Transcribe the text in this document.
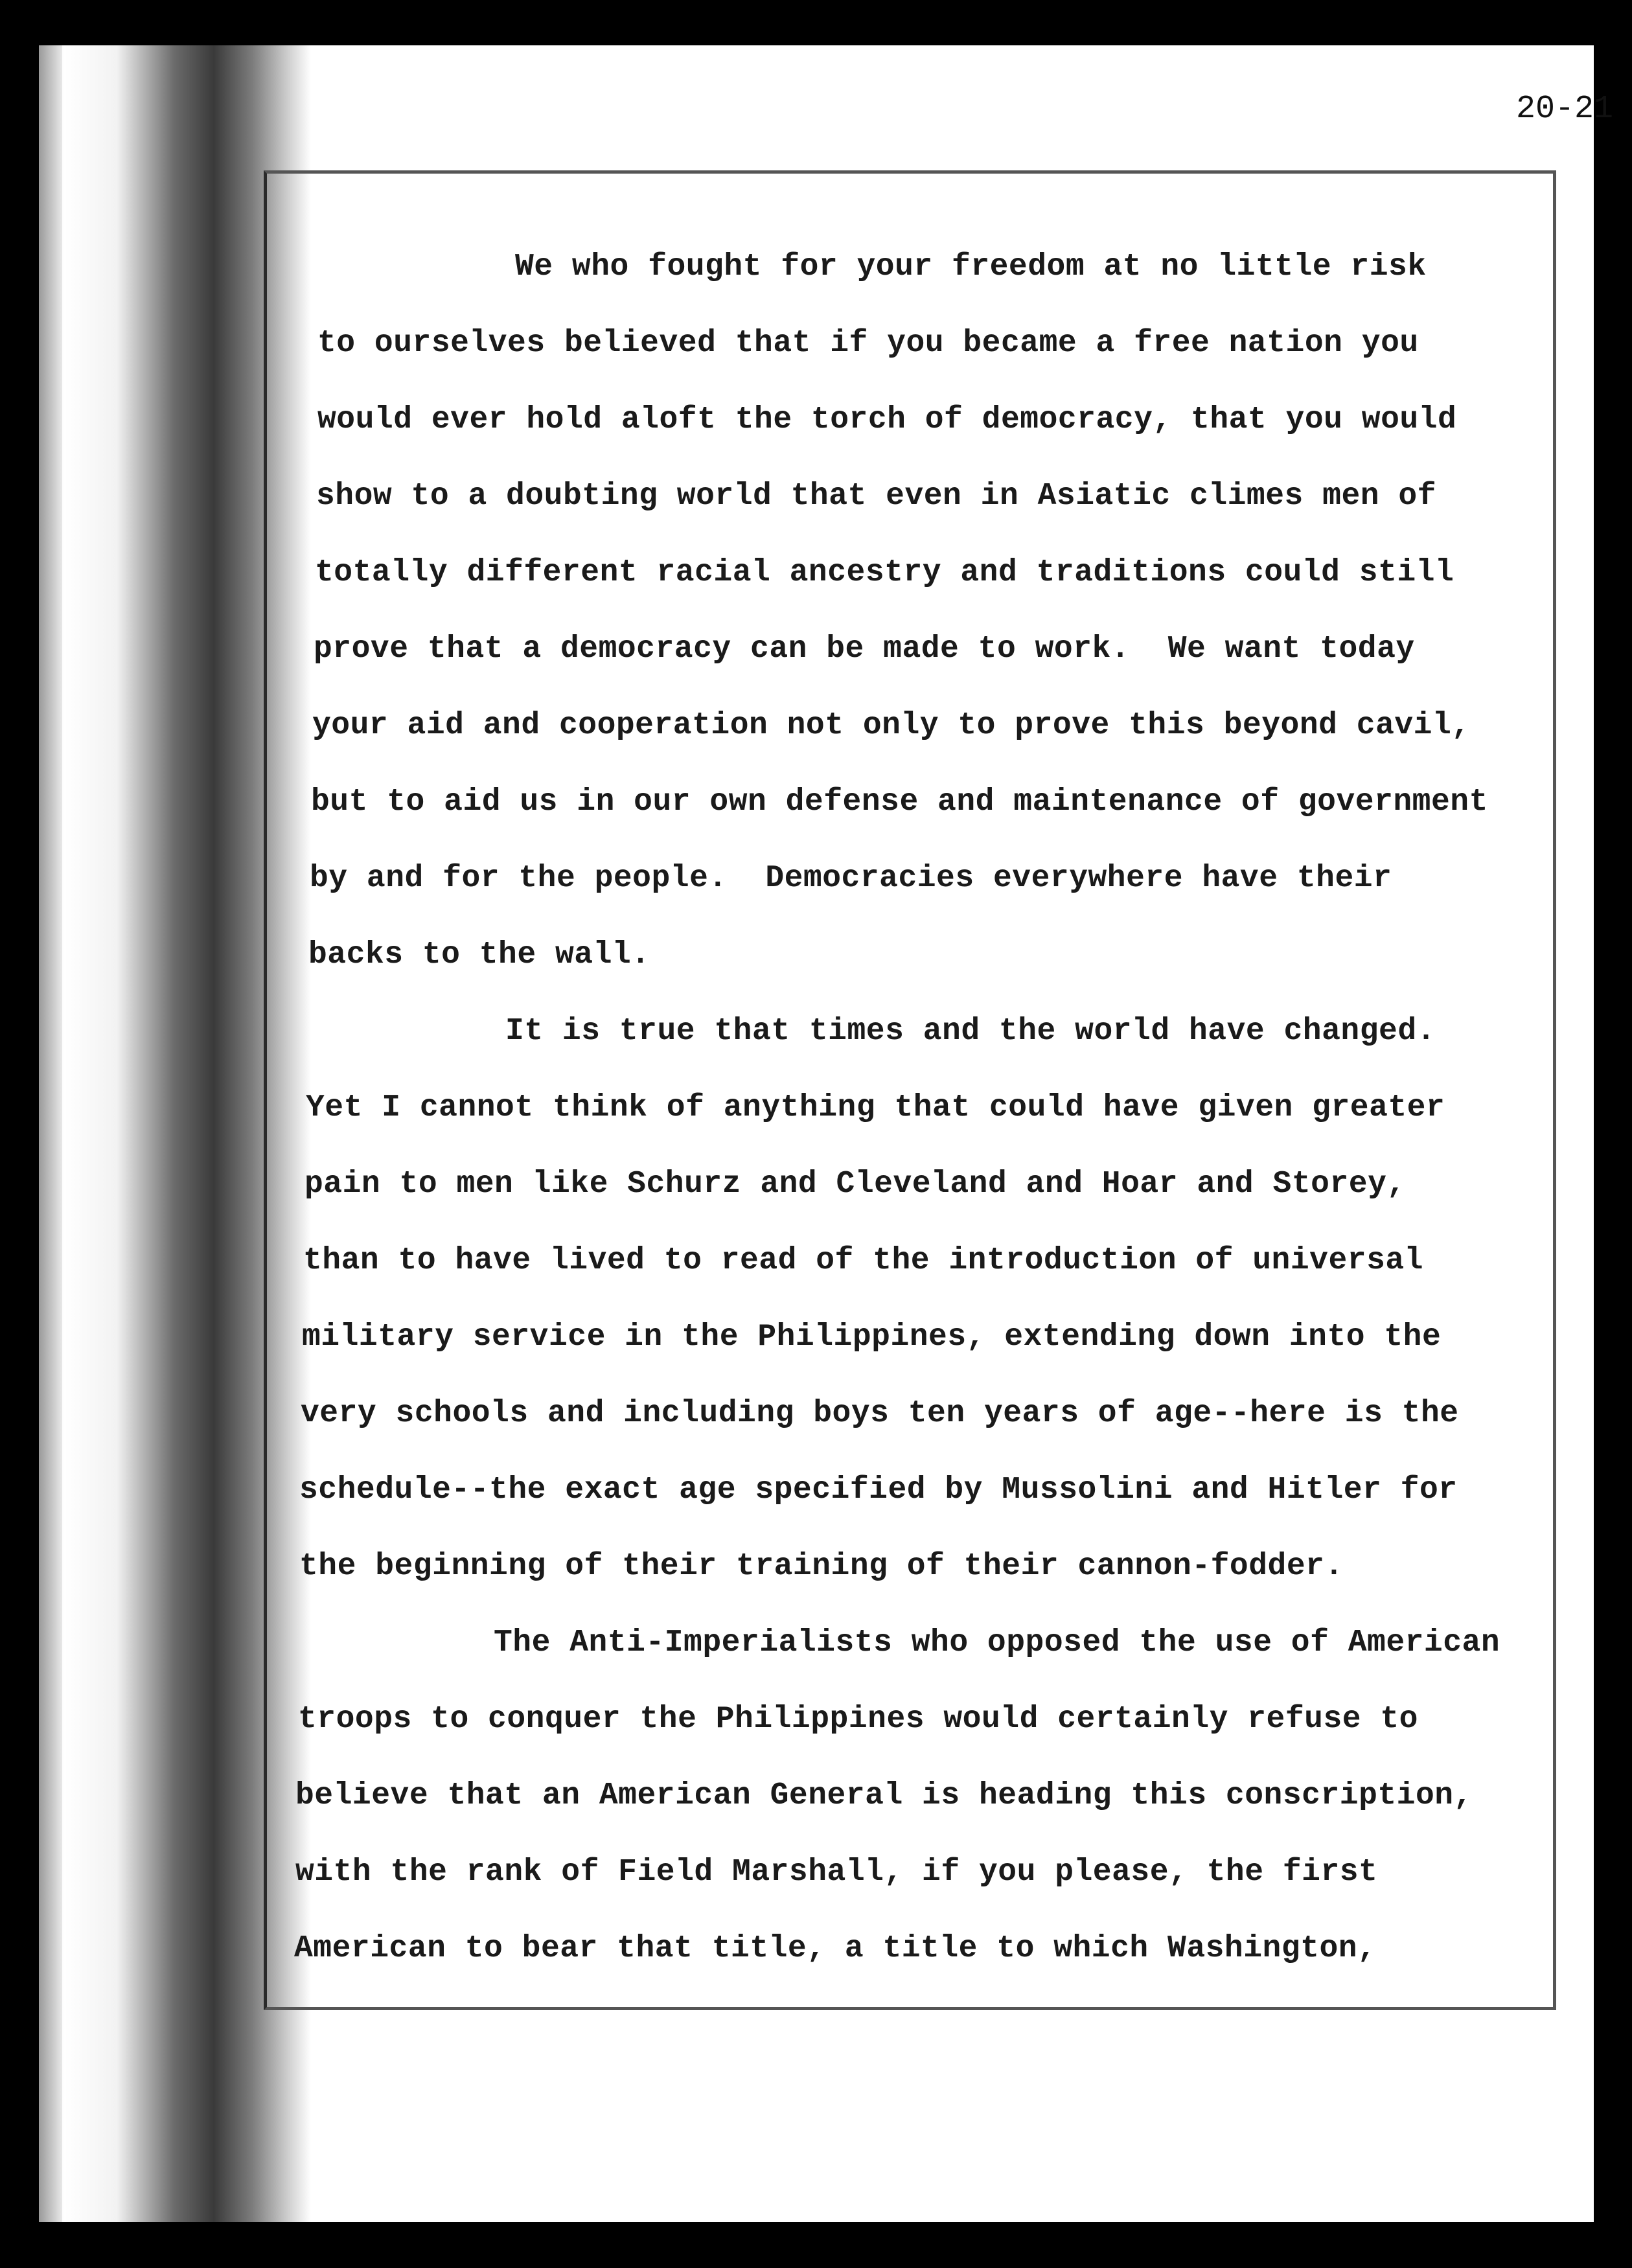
20-21
We who fought for your freedom at no little risk
to ourselves believed that if you became a free nation you
would ever hold aloft the torch of democracy, that you would
show to a doubting world that even in Asiatic climes men of
totally different racial ancestry and traditions could still
prove that a democracy can be made to work.  We want today
your aid and cooperation not only to prove this beyond cavil,
but to aid us in our own defense and maintenance of government
by and for the people.  Democracies everywhere have their
backs to the wall.
It is true that times and the world have changed.
Yet I cannot think of anything that could have given greater
pain to men like Schurz and Cleveland and Hoar and Storey,
than to have lived to read of the introduction of universal
military service in the Philippines, extending down into the
very schools and including boys ten years of age--here is the
schedule--the exact age specified by Mussolini and Hitler for
the beginning of their training of their cannon-fodder.
The Anti-Imperialists who opposed the use of American
troops to conquer the Philippines would certainly refuse to
believe that an American General is heading this conscription,
with the rank of Field Marshall, if you please, the first
American to bear that title, a title to which Washington,
